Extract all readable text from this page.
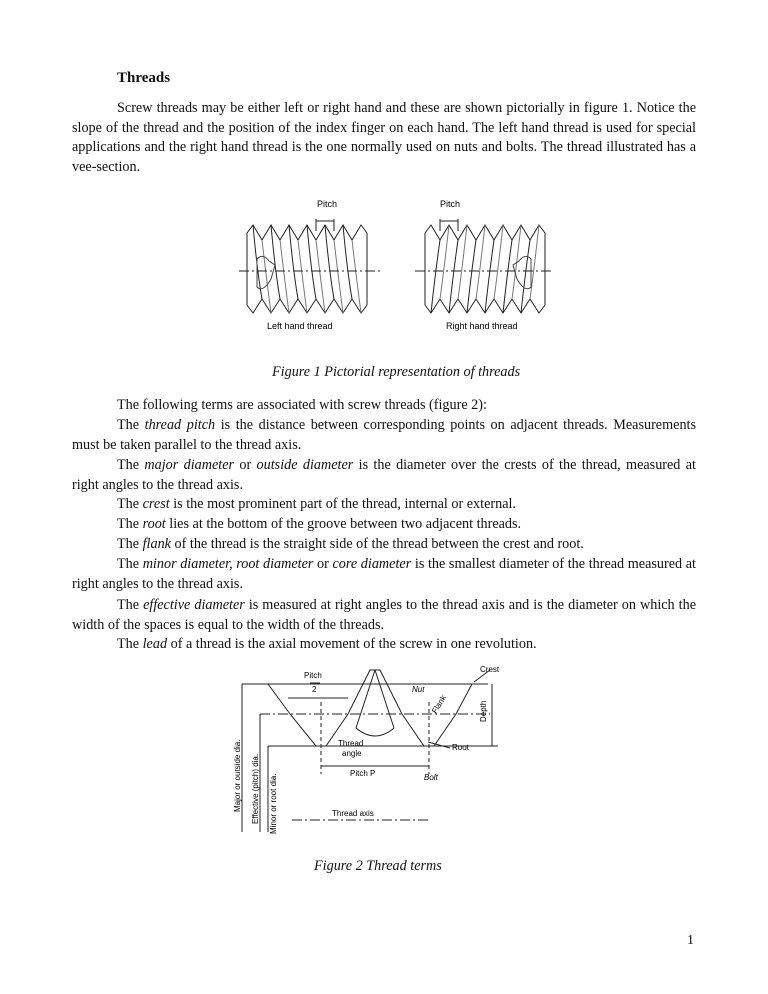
Threads
Screw threads may be either left or right hand and these are shown pictorially in figure 1. Notice the slope of the thread and the position of the index finger on each hand. The left hand thread is used for special applications and the right hand thread is the one normally used on nuts and bolts. The thread illustrated has a vee-section.
Pitch
Left hand thread
Pitch
Right hand thread
Figure 1 Pictorial representation of threads
The following terms are associated with screw threads (figure 2):
The thread pitch is the distance between corresponding points on adjacent threads. Measurements must be taken parallel to the thread axis.
The major diameter or outside diameter is the diameter over the crests of the thread, measured at right angles to the thread axis.
The crest is the most prominent part of the thread, internal or external.
The root lies at the bottom of the groove between two adjacent threads.
The flank of the thread is the straight side of the thread between the crest and root.
The minor diameter, root diameter or core diameter is the smallest diameter of the thread measured at right angles to the thread axis.
The effective diameter is measured at right angles to the thread axis and is the diameter on which the width of the spaces is equal to the width of the threads.
The lead of a thread is the axial movement of the screw in one revolution.
Pitch
2	Nut
Flank
Crest
Depth
Thread
angle
Root
Pitch P	Bolt
Thread axis
Major or outside dia. Effective (pitch) dia. Minor or root dia.
Figure 2 Thread terms
1
